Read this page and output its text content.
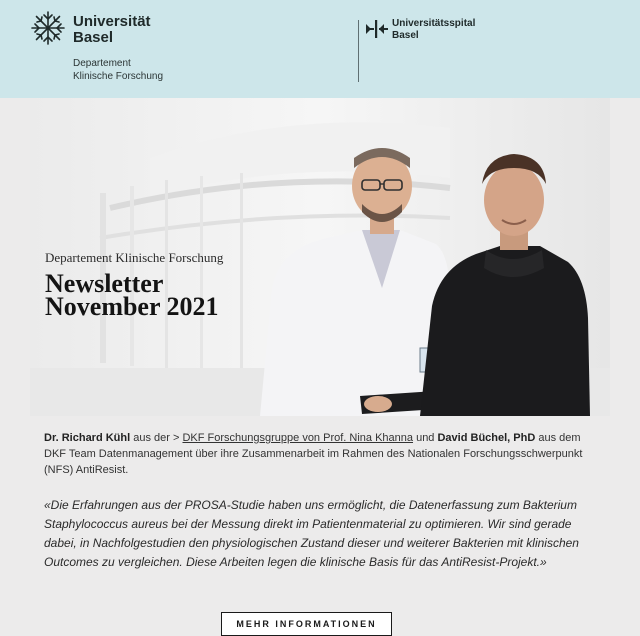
Universität
Basel
Departement
Klinische Forschung
Universitätsspital
Basel
Departement Klinische Forschung
Newsletter
November 2021

Dr. Richard Kühl aus der > DKF Forschungsgruppe von Prof. Nina Khanna und David Büchel, PhD aus dem DKF Team Datenmanagement über ihre Zusammenarbeit im Rahmen des Nationalen Forschungsschwerpunkt (NFS) AntiResist.

«Die Erfahrungen aus der PROSA-Studie haben uns ermöglicht, die Datenerfassung zum Bakterium Staphylococcus aureus bei der Messung direkt im Patientenmaterial zu optimieren. Wir sind gerade dabei, in Nachfolgestudien den physiologischen Zustand dieser und weiterer Bakterien mit klinischen Outcomes zu vergleichen. Diese Arbeiten legen die klinische Basis für das AntiResist-Projekt.»

MEHR INFORMATIONEN
